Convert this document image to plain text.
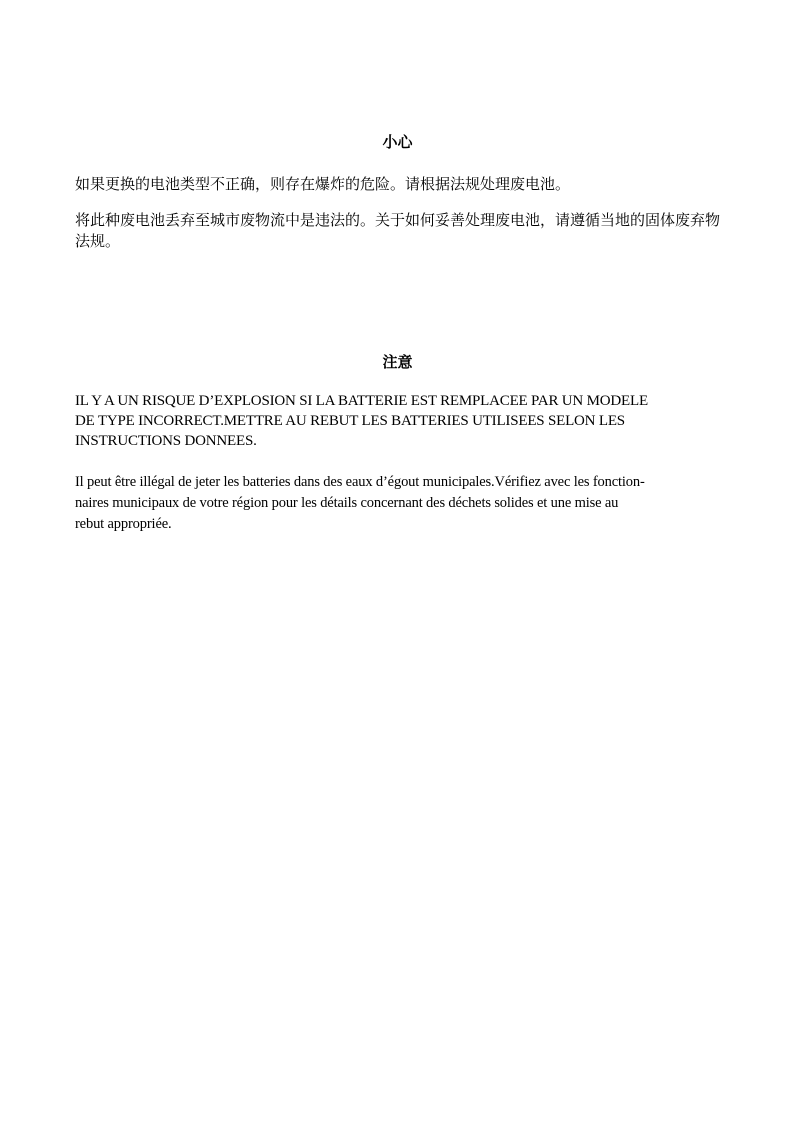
小心

如果更换的电池类型不正确，则存在爆炸的危险。请根据法规处理废电池。

将此种废电池丢弃至城市废物流中是违法的。关于如何妥善处理废电池，请遵循当地的固体废弃物法规。

注意
IL Y A UN RISQUE D’EXPLOSION SI LA BATTERIE EST REMPLACEE PAR UN MODELE
DE TYPE INCORRECT.METTRE AU REBUT LES BATTERIES UTILISEES SELON LES
INSTRUCTIONS DONNEES.
Il peut être illégal de jeter les batteries dans des eaux d’égout municipales.Vérifiez avec les fonction-
naires municipaux de votre région pour les détails concernant des déchets solides et une mise au
rebut appropriée.
